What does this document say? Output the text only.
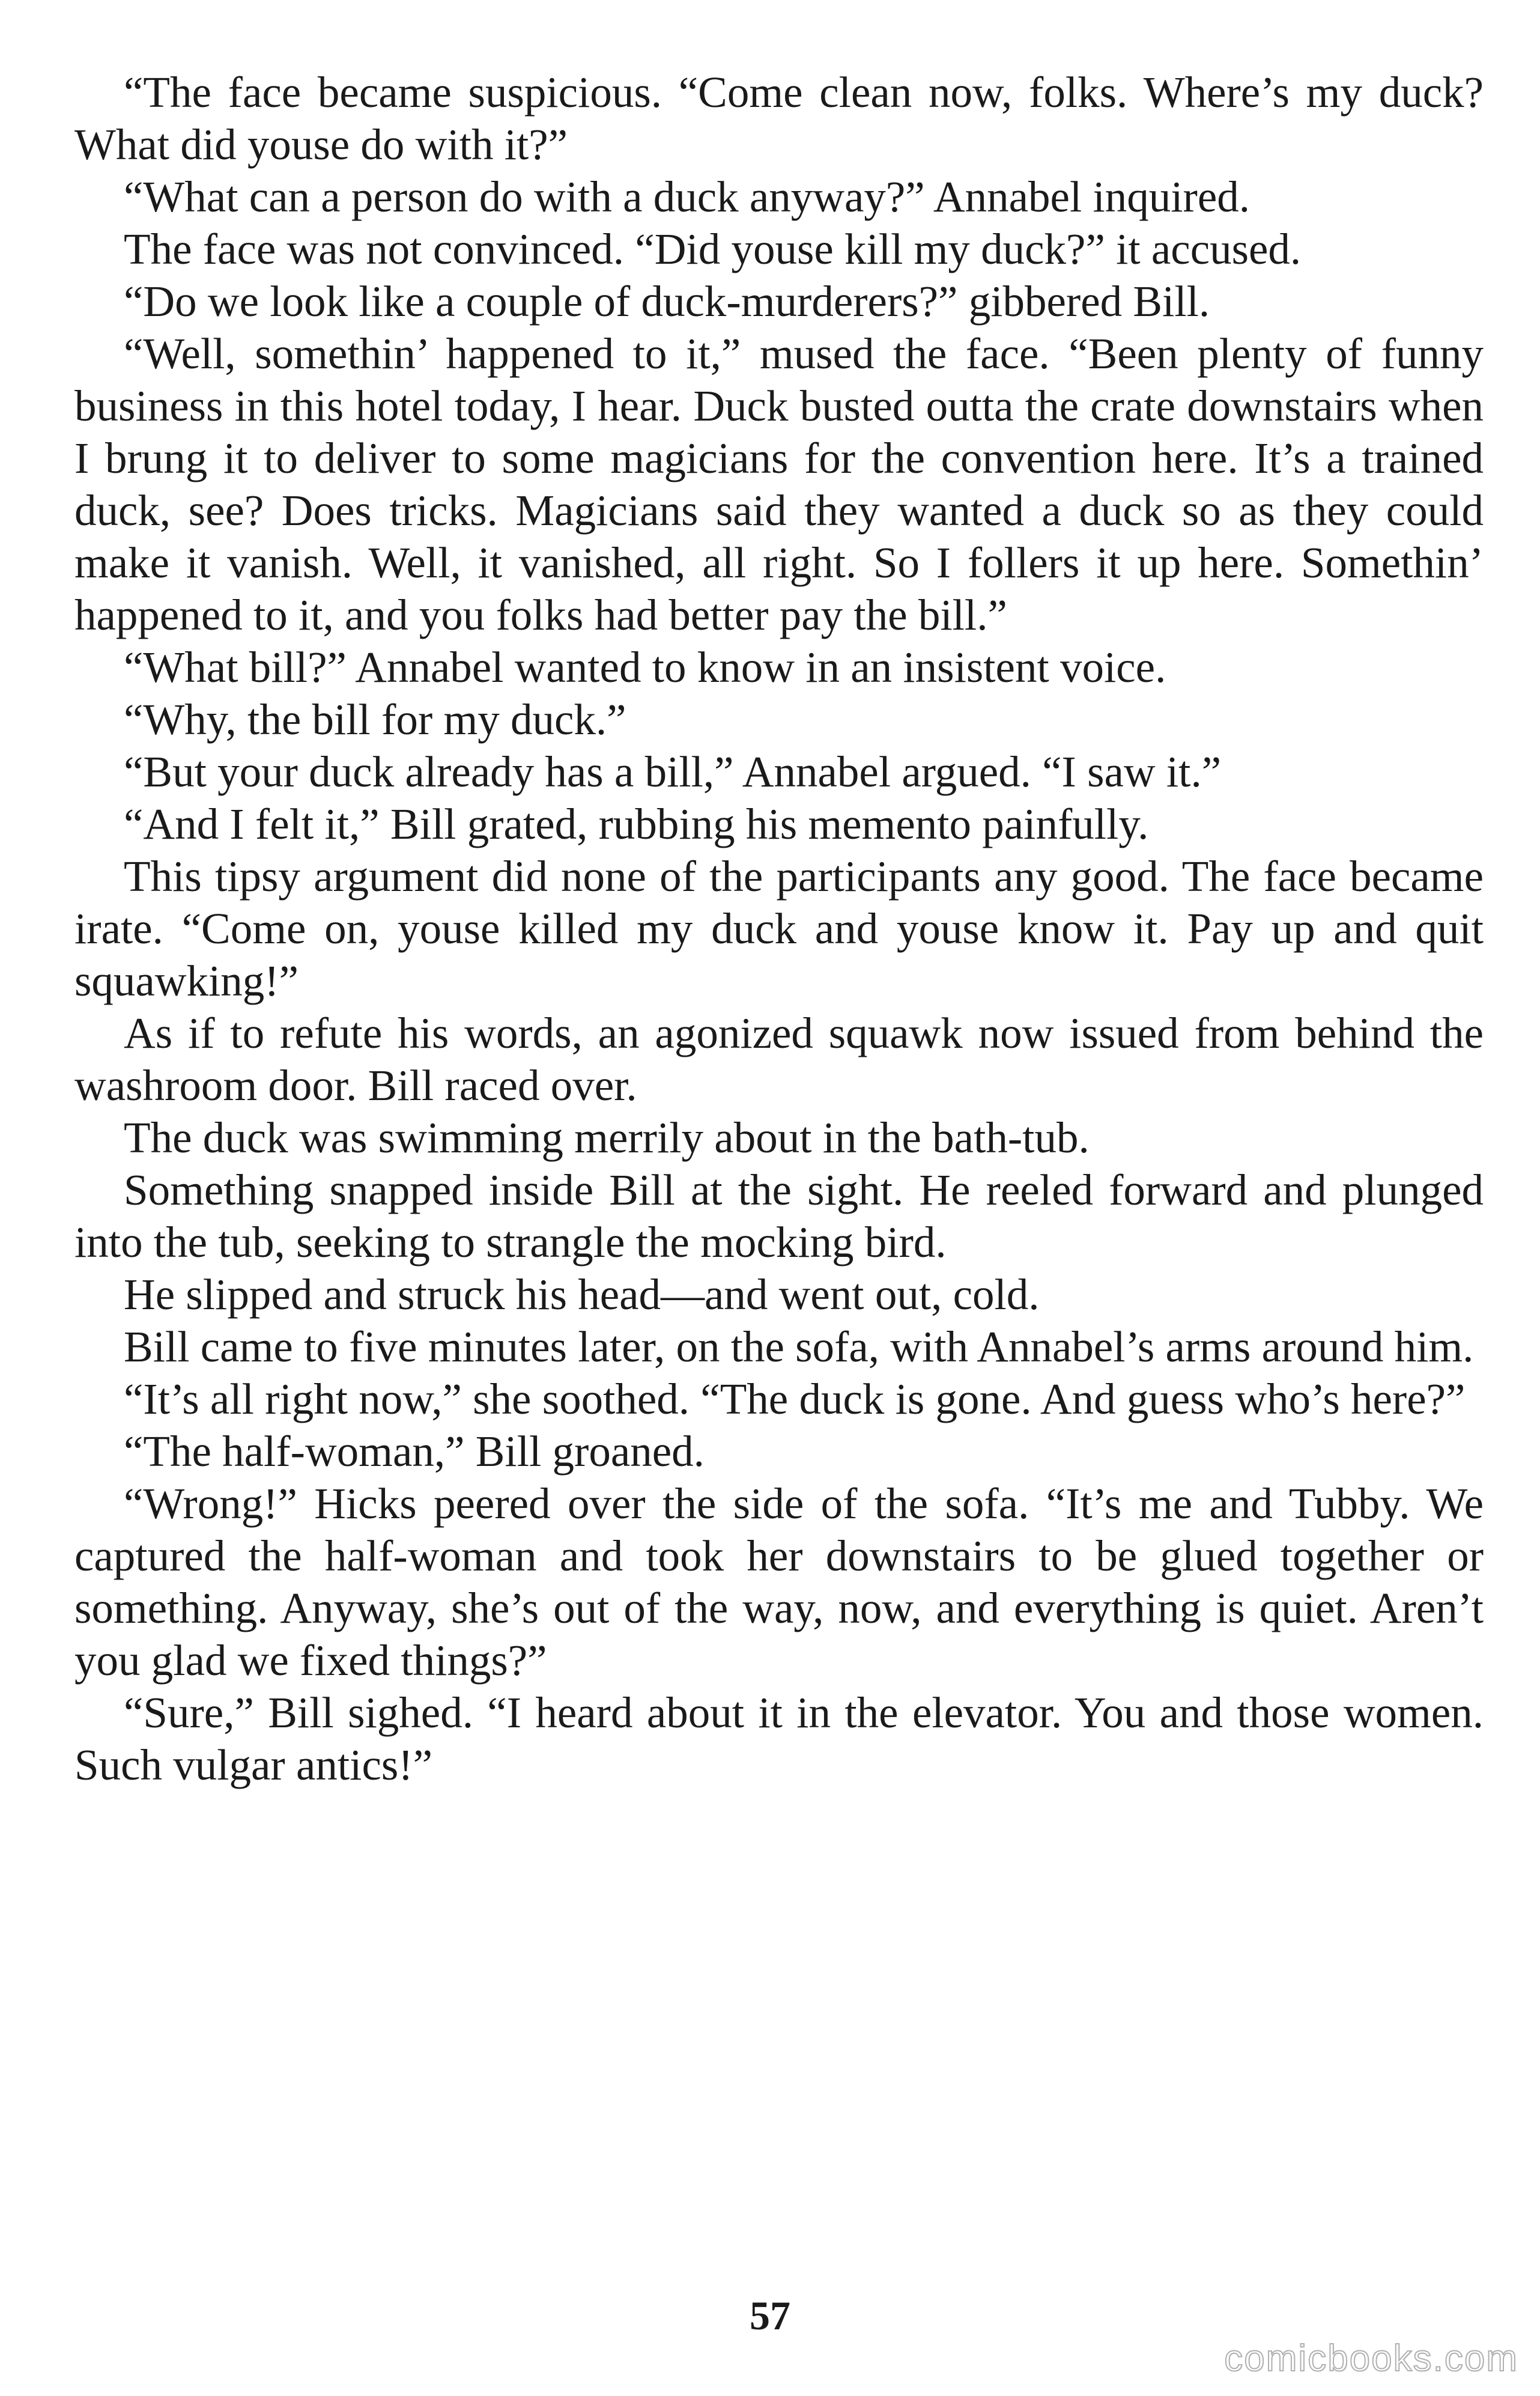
“The face became suspicious. “Come clean now, folks. Where’s my duck? What did youse do with it?”

“What can a person do with a duck anyway?” Annabel inquired.

The face was not convinced. “Did youse kill my duck?” it accused.

“Do we look like a couple of duck-murderers?” gibbered Bill.

“Well, somethin’ happened to it,” mused the face. “Been plenty of funny business in this hotel today, I hear. Duck busted outta the crate downstairs when I brung it to deliver to some magicians for the convention here. It’s a trained duck, see? Does tricks. Magicians said they wanted a duck so as they could make it vanish. Well, it vanished, all right. So I follers it up here. Somethin’ happened to it, and you folks had better pay the bill.”

“What bill?” Annabel wanted to know in an insistent voice.

“Why, the bill for my duck.”

“But your duck already has a bill,” Annabel argued. “I saw it.”

“And I felt it,” Bill grated, rubbing his memento painfully.

This tipsy argument did none of the participants any good. The face became irate. “Come on, youse killed my duck and youse know it. Pay up and quit squawking!”

As if to refute his words, an agonized squawk now issued from behind the washroom door. Bill raced over.

The duck was swimming merrily about in the bath-tub.

Something snapped inside Bill at the sight. He reeled forward and plunged into the tub, seeking to strangle the mocking bird.

He slipped and struck his head—and went out, cold.

Bill came to five minutes later, on the sofa, with Annabel’s arms around him.

“It’s all right now,” she soothed. “The duck is gone. And guess who’s here?”

“The half-woman,” Bill groaned.

“Wrong!” Hicks peered over the side of the sofa. “It’s me and Tubby. We captured the half-woman and took her downstairs to be glued together or something. Anyway, she’s out of the way, now, and everything is quiet. Aren’t you glad we fixed things?”

“Sure,” Bill sighed. “I heard about it in the elevator. You and those women. Such vulgar antics!”

57
comicbooks.com
